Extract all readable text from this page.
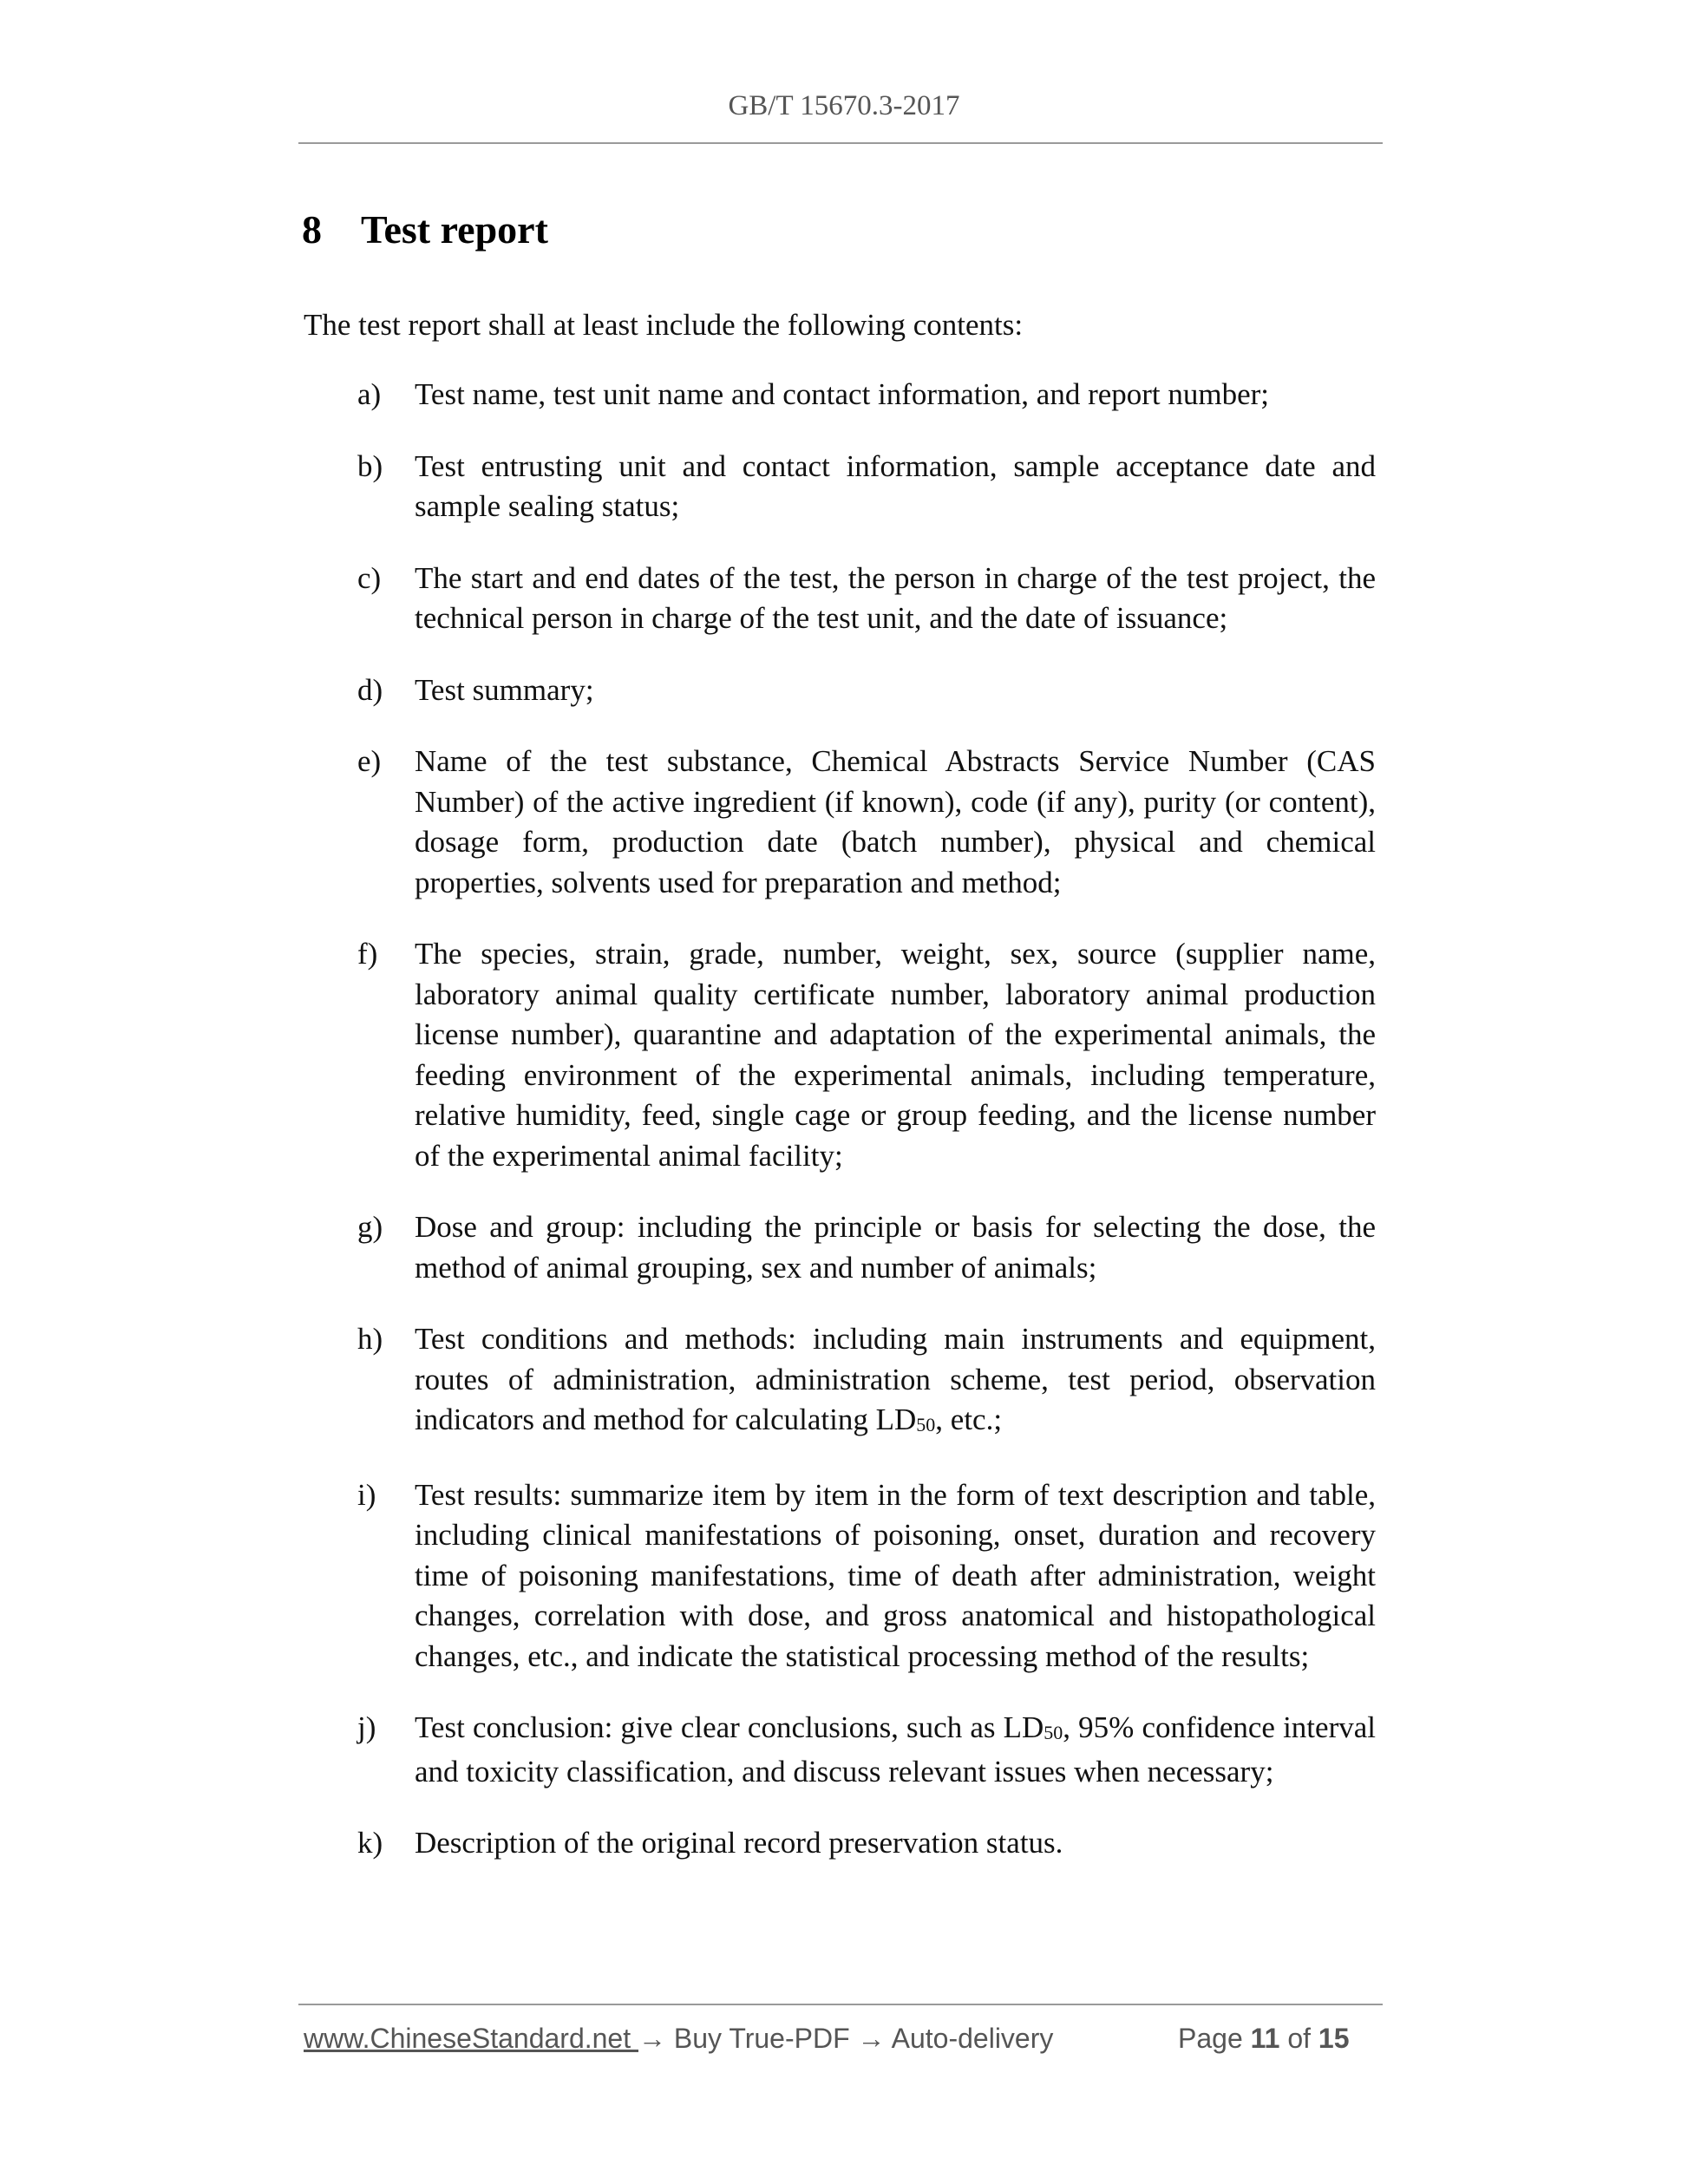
GB/T 15670.3-2017
8 Test report

The test report shall at least include the following contents:

a) Test name, test unit name and contact information, and report number;
b) Test entrusting unit and contact information, sample acceptance date and sample sealing status;
c) The start and end dates of the test, the person in charge of the test project, the technical person in charge of the test unit, and the date of issuance;
d) Test summary;
e) Name of the test substance, Chemical Abstracts Service Number (CAS Number) of the active ingredient (if known), code (if any), purity (or content), dosage form, production date (batch number), physical and chemical properties, solvents used for preparation and method;
f) The species, strain, grade, number, weight, sex, source (supplier name, laboratory animal quality certificate number, laboratory animal production license number), quarantine and adaptation of the experimental animals, the feeding environment of the experimental animals, including temperature, relative humidity, feed, single cage or group feeding, and the license number of the experimental animal facility;
g) Dose and group: including the principle or basis for selecting the dose, the method of animal grouping, sex and number of animals;
h) Test conditions and methods: including main instruments and equipment, routes of administration, administration scheme, test period, observation indicators and method for calculating $LD_{50}$, etc.;
i) Test results: summarize item by item in the form of text description and table, including clinical manifestations of poisoning, onset, duration and recovery time of poisoning manifestations, time of death after administration, weight changes, correlation with dose, and gross anatomical and histopathological changes, etc., and indicate the statistical processing method of the results;
j) Test conclusion: give clear conclusions, such as $LD_{50}$, 95% confidence interval and toxicity classification, and discuss relevant issues when necessary;
k) Description of the original record preservation status.
www.ChineseStandard.net → Buy True-PDF → Auto-delivery	Page 11 of 15
